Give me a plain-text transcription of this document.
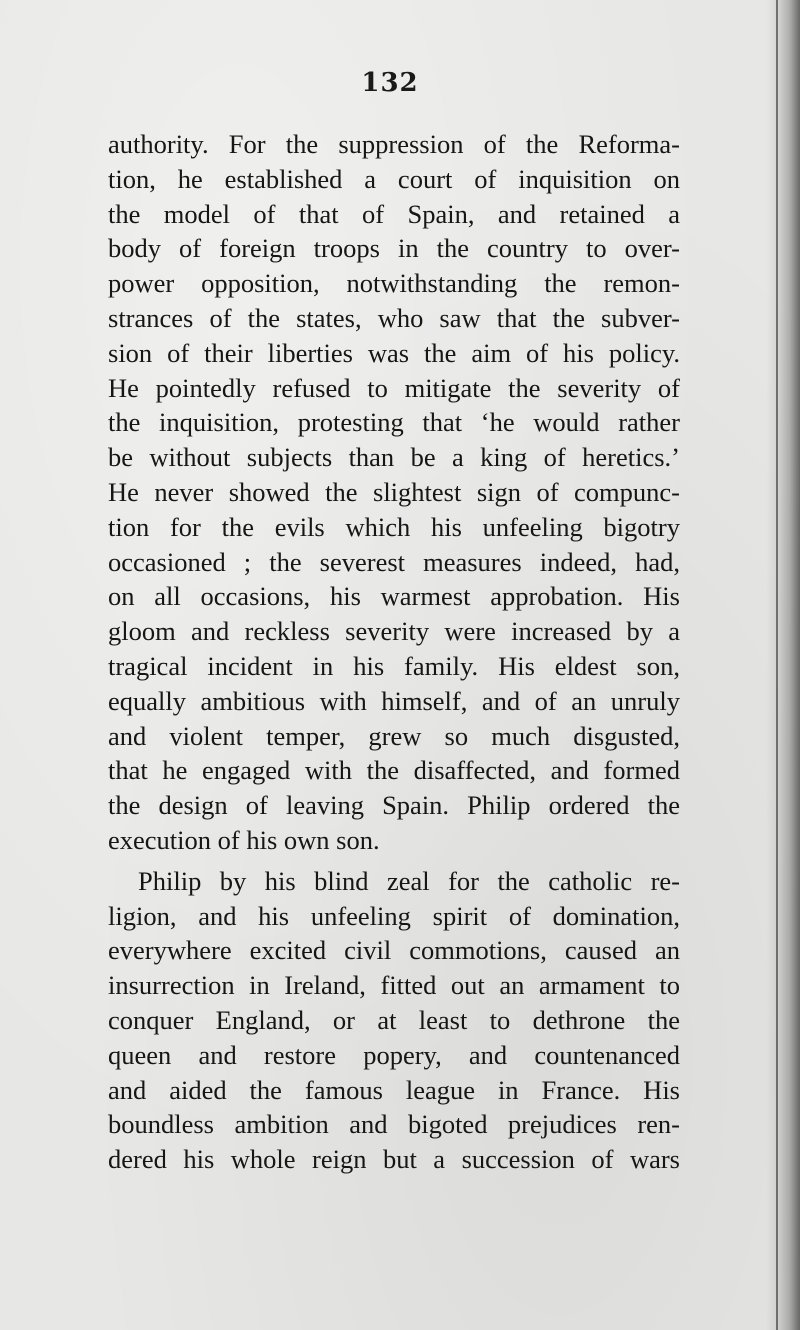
132
authority. For the suppression of the Reforma-
tion, he established a court of inquisition on
the model of that of Spain, and retained a
body of foreign troops in the country to over-
power opposition, notwithstanding the remon-
strances of the states, who saw that the subver-
sion of their liberties was the aim of his policy.
He pointedly refused to mitigate the severity of
the inquisition, protesting that ‘he would rather
be without subjects than be a king of heretics.’
He never showed the slightest sign of compunc-
tion for the evils which his unfeeling bigotry
occasioned ; the severest measures indeed, had,
on all occasions, his warmest approbation. His
gloom and reckless severity were increased by a
tragical incident in his family. His eldest son,
equally ambitious with himself, and of an unruly
and violent temper, grew so much disgusted,
that he engaged with the disaffected, and formed
the design of leaving Spain. Philip ordered the
execution of his own son.
Philip by his blind zeal for the catholic re-
ligion, and his unfeeling spirit of domination,
everywhere excited civil commotions, caused an
insurrection in Ireland, fitted out an armament to
conquer England, or at least to dethrone the
queen and restore popery, and countenanced
and aided the famous league in France. His
boundless ambition and bigoted prejudices ren-
dered his whole reign but a succession of wars
